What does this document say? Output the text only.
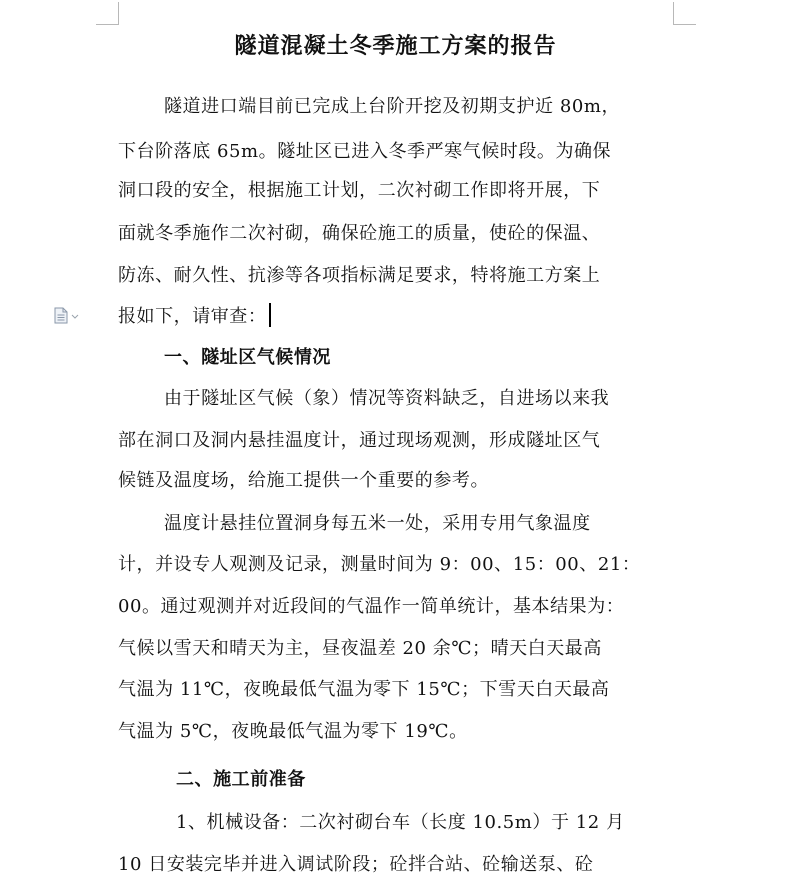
隧道混凝土冬季施工方案的报告
隧道进口端目前已完成上台阶开挖及初期支护近 80m，
下台阶落底 65m。隧址区已进入冬季严寒气候时段。为确保
洞口段的安全，根据施工计划，二次衬砌工作即将开展，下
面就冬季施作二次衬砌，确保砼施工的质量，使砼的保温、
防冻、耐久性、抗渗等各项指标满足要求，特将施工方案上
报如下，请审查：
一、隧址区气候情况
由于隧址区气候（象）情况等资料缺乏，自进场以来我
部在洞口及洞内悬挂温度计，通过现场观测，形成隧址区气
候链及温度场，给施工提供一个重要的参考。
温度计悬挂位置洞身每五米一处，采用专用气象温度
计，并设专人观测及记录，测量时间为 9：00、15：00、21：
00。通过观测并对近段间的气温作一简单统计，基本结果为：
气候以雪天和晴天为主，昼夜温差 20 余℃；晴天白天最高
气温为 11℃，夜晚最低气温为零下 15℃；下雪天白天最高
气温为 5℃，夜晚最低气温为零下 19℃。
二、施工前准备
1、机械设备：二次衬砌台车（长度 10.5m）于 12 月
10 日安装完毕并进入调试阶段；砼拌合站、砼输送泵、砼
